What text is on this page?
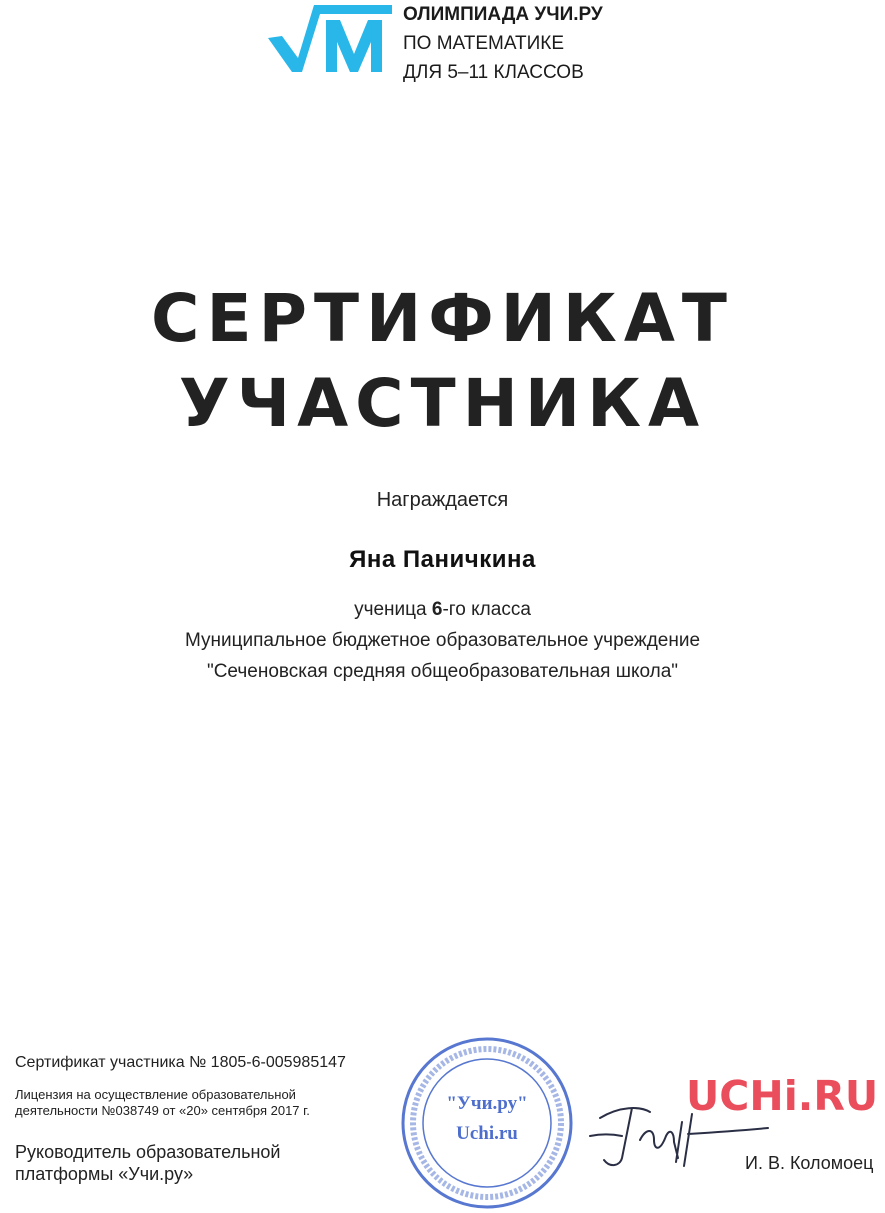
ОЛИМПИАДА УЧИ.РУ
ПО МАТЕМАТИКЕ
ДЛЯ 5–11 КЛАССОВ
СЕРТИФИКАТ
УЧАСТНИКА
Награждается
Яна Паничкина
ученица 6-го класса
Муниципальное бюджетное образовательное учреждение
"Сеченовская средняя общеобразовательная школа"
Сертификат участника № 1805-6-005985147
Лицензия на осуществление образовательной
деятельности №038749 от «20» сентября 2017 г.
Руководитель образовательной
платформы «Учи.ру»
"Учи.ру"
Uchi.ru
UCHi.RU
И. В. Коломоец
